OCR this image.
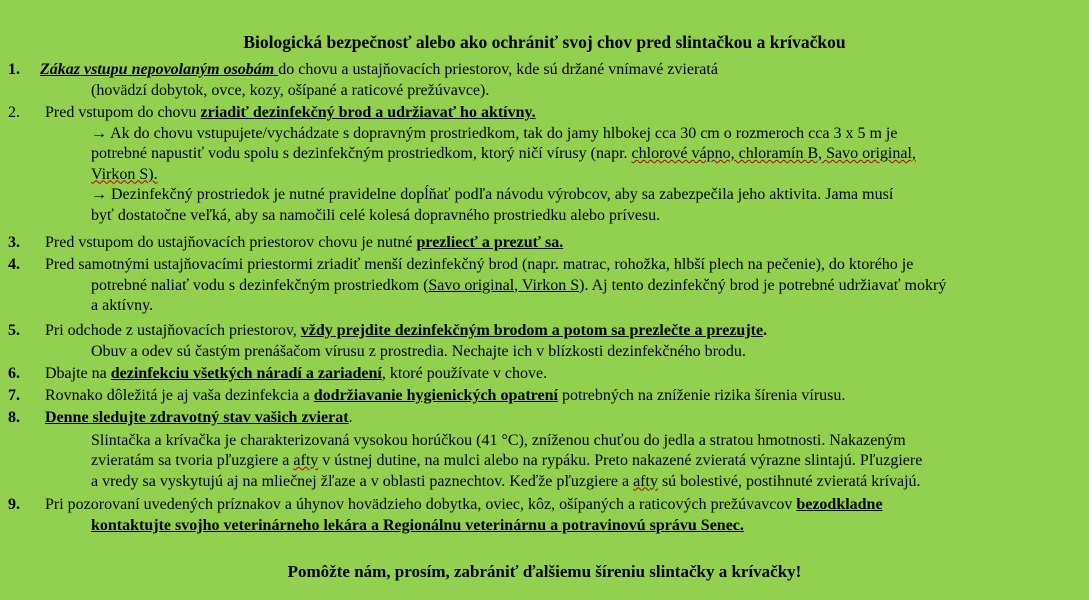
Biologická bezpečnosť alebo ako ochrániť svoj chov pred slintačkou a krívačkou
1. Zákaz vstupu nepovolaným osobám do chovu a ustajňovacích priestorov, kde sú držané vnímavé zvieratá
(hovädzí dobytok, ovce, kozy, ošípané a raticové prežúvavce).
2. Pred vstupom do chovu zriadiť dezinfekčný brod a udržiavať ho aktívny.
→ Ak do chovu vstupujete/vychádzate s dopravným prostriedkom, tak do jamy hlbokej cca 30 cm o rozmeroch cca 3 x 5 m je
potrebné napustiť vodu spolu s dezinfekčným prostriedkom, ktorý ničí vírusy (napr. chlorové vápno, chloramín B, Savo original,
Virkon S).
→ Dezinfekčný prostriedok je nutné pravidelne dopĺňať podľa návodu výrobcov, aby sa zabezpečila jeho aktivita. Jama musí
byť dostatočne veľká, aby sa namočili celé kolesá dopravného prostriedku alebo prívesu.
3. Pred vstupom do ustajňovacích priestorov chovu je nutné prezliecť a prezuť sa.
4. Pred samotnými ustajňovacími priestormi zriadiť menší dezinfekčný brod (napr. matrac, rohožka, hlbší plech na pečenie), do ktorého je
potrebné naliať vodu s dezinfekčným prostriedkom (Savo original, Virkon S). Aj tento dezinfekčný brod je potrebné udržiavať mokrý
a aktívny.
5. Pri odchode z ustajňovacích priestorov, vždy prejdite dezinfekčným brodom a potom sa prezlečte a prezujte.
Obuv a odev sú častým prenášačom vírusu z prostredia. Nechajte ich v blízkosti dezinfekčného brodu.
6. Dbajte na dezinfekciu všetkých náradí a zariadení, ktoré používate v chove.
7. Rovnako dôležitá je aj vaša dezinfekcia a dodržiavanie hygienických opatrení potrebných na zníženie rizika šírenia vírusu.
8. Denne sledujte zdravotný stav vašich zvierat.
Slintačka a krívačka je charakterizovaná vysokou horúčkou (41 °C), zníženou chuťou do jedla a stratou hmotnosti. Nakazeným
zvieratám sa tvoria pľuzgiere a afty v ústnej dutine, na mulci alebo na rypáku. Preto nakazené zvieratá výrazne slintajú. Pľuzgiere
a vredy sa vyskytujú aj na mliečnej žľaze a v oblasti paznechtov. Keďže pľuzgiere a afty sú bolestivé, postihnuté zvieratá krívajú.
9. Pri pozorovaní uvedených príznakov a úhynov hovädzieho dobytka, oviec, kôz, ošípaných a raticových prežúvavcov bezodkladne
kontaktujte svojho veterinárneho lekára a Regionálnu veterinárnu a potravinovú správu Senec.
Pomôžte nám, prosím, zabrániť ďalšiemu šíreniu slintačky a krívačky!
